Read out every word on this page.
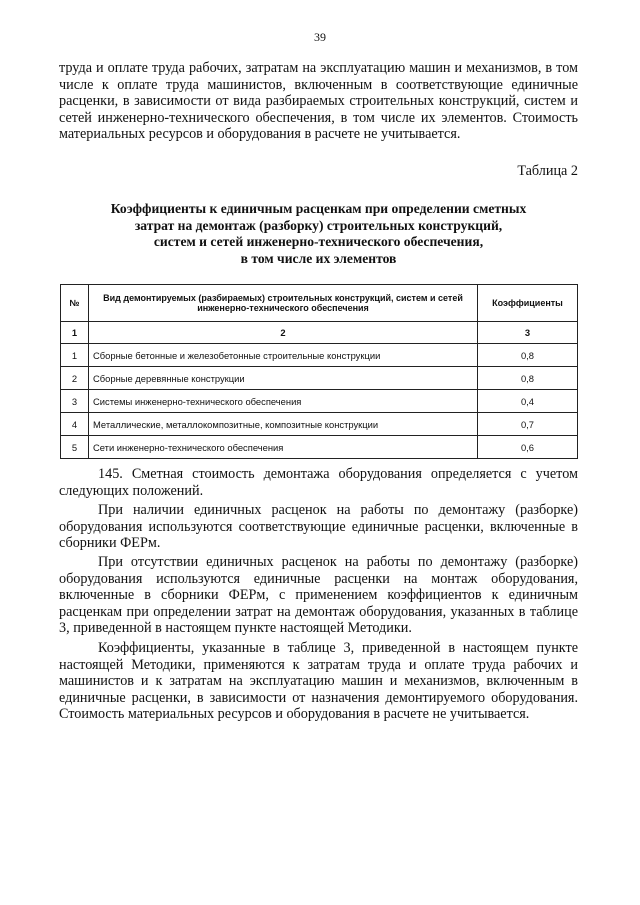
39
труда и оплате труда рабочих, затратам на эксплуатацию машин и механизмов, в том числе к оплате труда машинистов, включенным в соответствующие единичные расценки, в зависимости от вида разбираемых строительных конструкций, систем и сетей инженерно-технического обеспечения, в том числе их элементов. Стоимость материальных ресурсов и оборудования в расчете не учитывается.
Таблица 2
Коэффициенты к единичным расценкам при определении сметных
затрат на демонтаж (разборку) строительных конструкций,
систем и сетей инженерно-технического обеспечения,
в том числе их элементов
№	Вид демонтируемых (разбираемых) строительных конструкций, систем и сетей инженерно-технического обеспечения	Коэффициенты
1	2	3
1	Сборные бетонные и железобетонные строительные конструкции	0,8
2	Сборные деревянные конструкции	0,8
3	Системы инженерно-технического обеспечения	0,4
4	Металлические, металлокомпозитные, композитные конструкции	0,7
5	Сети инженерно-технического обеспечения	0,6
145. Сметная стоимость демонтажа оборудования определяется с учетом следующих положений.
При наличии единичных расценок на работы по демонтажу (разборке) оборудования используются соответствующие единичные расценки, включенные в сборники ФЕРм.
При отсутствии единичных расценок на работы по демонтажу (разборке) оборудования используются единичные расценки на монтаж оборудования, включенные в сборники ФЕРм, с применением коэффициентов к единичным расценкам при определении затрат на демонтаж оборудования, указанных в таблице 3, приведенной в настоящем пункте настоящей Методики.
Коэффициенты, указанные в таблице 3, приведенной в настоящем пункте настоящей Методики, применяются к затратам труда и оплате труда рабочих и машинистов и к затратам на эксплуатацию машин и механизмов, включенным в единичные расценки, в зависимости от назначения демонтируемого оборудования. Стоимость материальных ресурсов и оборудования в расчете не учитывается.
